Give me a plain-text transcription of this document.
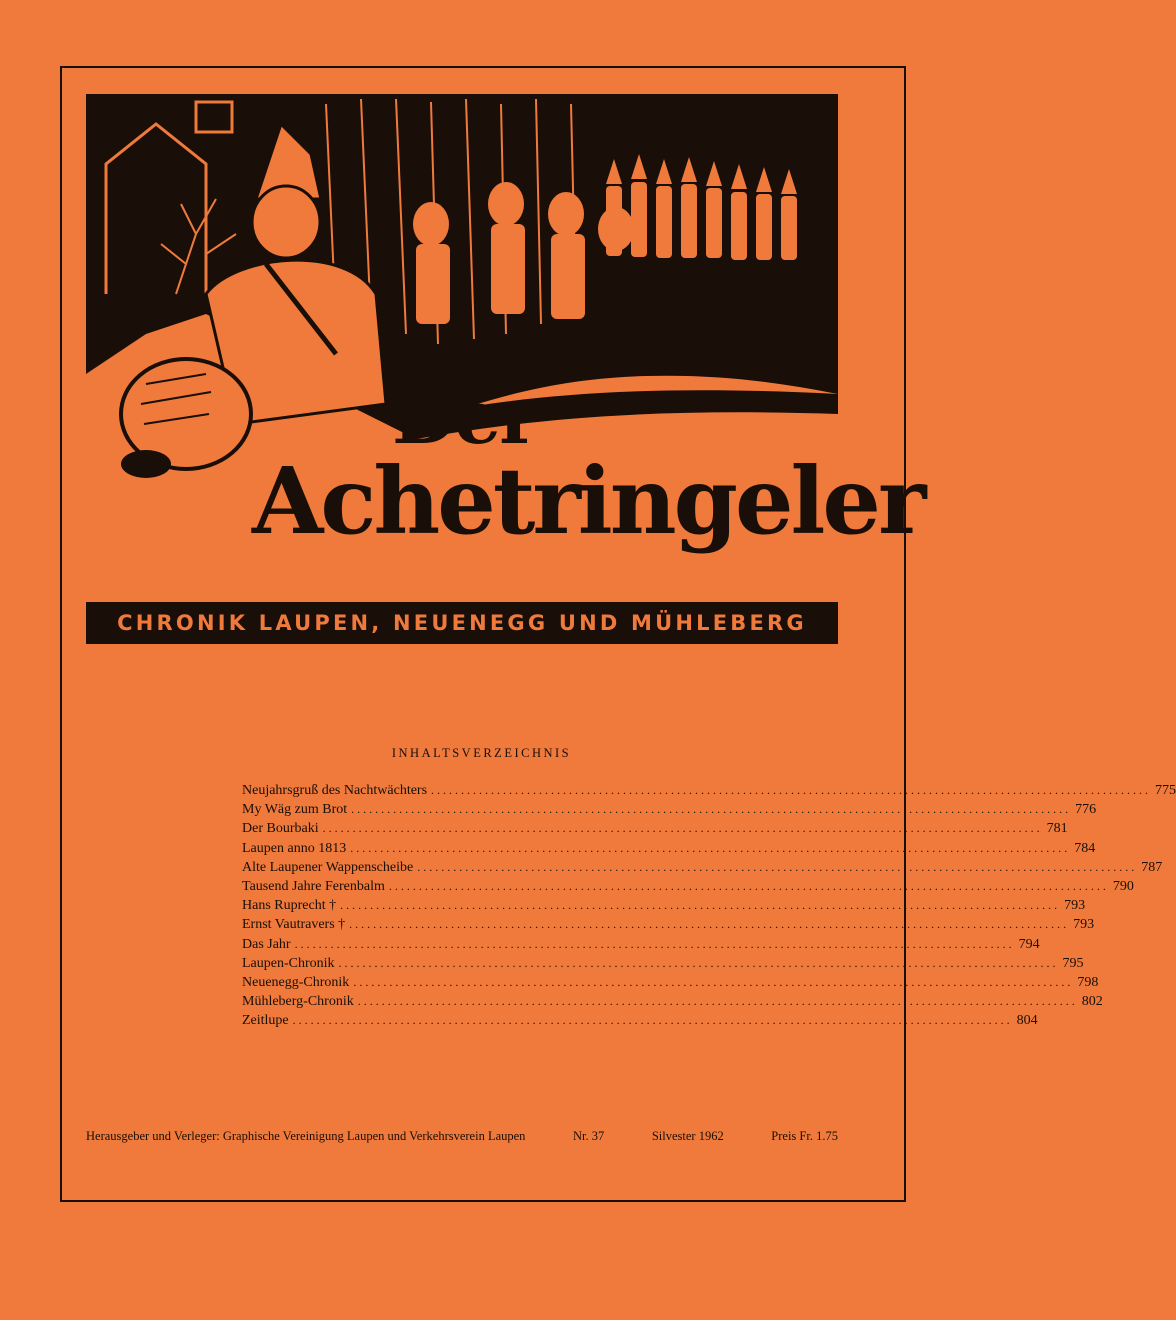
Der
Achetringeler
CHRONIK LAUPEN, NEUENEGG UND MÜHLEBERG
INHALTSVERZEICHNIS
Neujahrsgruß des Nachtwächters ........................................................................................................................ 775
My Wäg zum Brot ........................................................................................................................ 776
Der Bourbaki ........................................................................................................................ 781
Laupen anno 1813 ........................................................................................................................ 784
Alte Laupener Wappenscheibe ........................................................................................................................ 787
Tausend Jahre Ferenbalm ........................................................................................................................ 790
Hans Ruprecht † ........................................................................................................................ 793
Ernst Vautravers † ........................................................................................................................ 793
Das Jahr ........................................................................................................................ 794
Laupen-Chronik ........................................................................................................................ 795
Neuenegg-Chronik ........................................................................................................................ 798
Mühleberg-Chronik ........................................................................................................................ 802
Zeitlupe ........................................................................................................................ 804
Herausgeber und Verleger: Graphische Vereinigung Laupen und Verkehrsverein Laupen	Nr. 37	Silvester 1962	Preis Fr. 1.75
